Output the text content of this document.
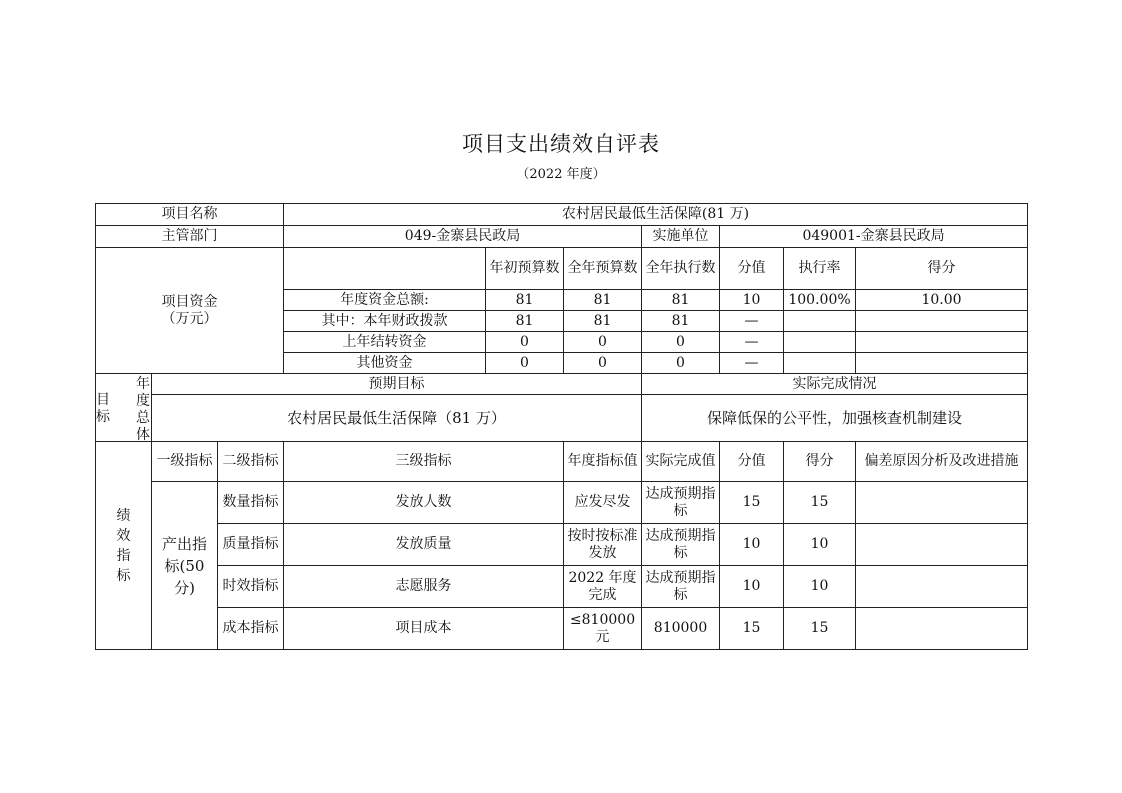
项目支出绩效自评表
（2022 年度）
项目名称			农村居民最低生活保障(81 万)						
主管部门			049-金寨县民政局			实施单位	049001-金寨县民政局		

项目资金
（万元）				年初预算数	全年预算数	全年执行数	分值	执行率	得分
			年度资金总额:	81	81	81	10	100.00%	10.00
			其中：本年财政拨款	81	81	81	—		
			上年结转资金	0	0	0	—		
			其他资金	0	0	0	—		

目
标
年度总体	预期目标					实际完成情况			
	农村居民最低生活保障（81 万）					保障低保的公平性，加强核查机制建设			

绩效指标	一级指标	二级指标	三级指标		年度指标值	实际完成值	分值	得分	偏差原因分析及改进措施

	产出指标(50分)	数量指标	发放人数		应发尽发	达成预期指标	15	15	
		质量指标	发放质量		按时按标准发放	达成预期指标	10	10	
		时效指标	志愿服务		2022 年度完成	达成预期指标	10	10	
		成本指标	项目成本		≤810000元	810000	15	15	
